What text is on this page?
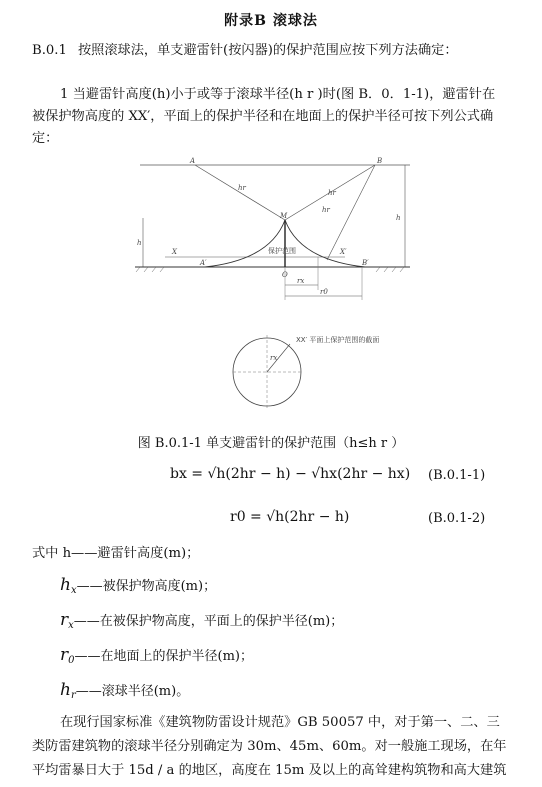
附录B 滚球法

B.0.1 按照滚球法，单支避雷针(按闪器)的保护范围应按下列方法确定：

1 当避雷针高度(h)小于或等于滚球半径(h r )时(图 B．0．1-1)，避雷针在

被保护物高度的 XX′，平面上的保护半径和在地面上的保护半径可按下列公式确

定：

A	B
M
O
A′	B′
X	X′
h
hr
hr
hr
h
保护范围
rx
r0
rx
XX′ 平面上保护范围的截面
图 B.0.1-1 单支避雷针的保护范围（h≤h r ）
bx = √h(2hr − h) − √hx(2hr − hx) (B.0.1-1)
r0 = √h(2hr − h)	(B.0.1-2)
式中 h——避雷针高度(m)；
$h_x——$被保护物高度(m)；
$r_x——$在被保护物高度，平面上的保护半径(m)；
$r_0——$在地面上的保护半径(m)；
$h_r——$滚球半径(m)。

在现行国家标准《建筑物防雷设计规范》GB 50057 中，对于第一、二、三

类防雷建筑物的滚球半径分别确定为 30m、45m、60m。对一般施工现场，在年

平均雷暴日大于 15d / a 的地区，高度在 15m 及以上的高耸建构筑物和高大建筑
